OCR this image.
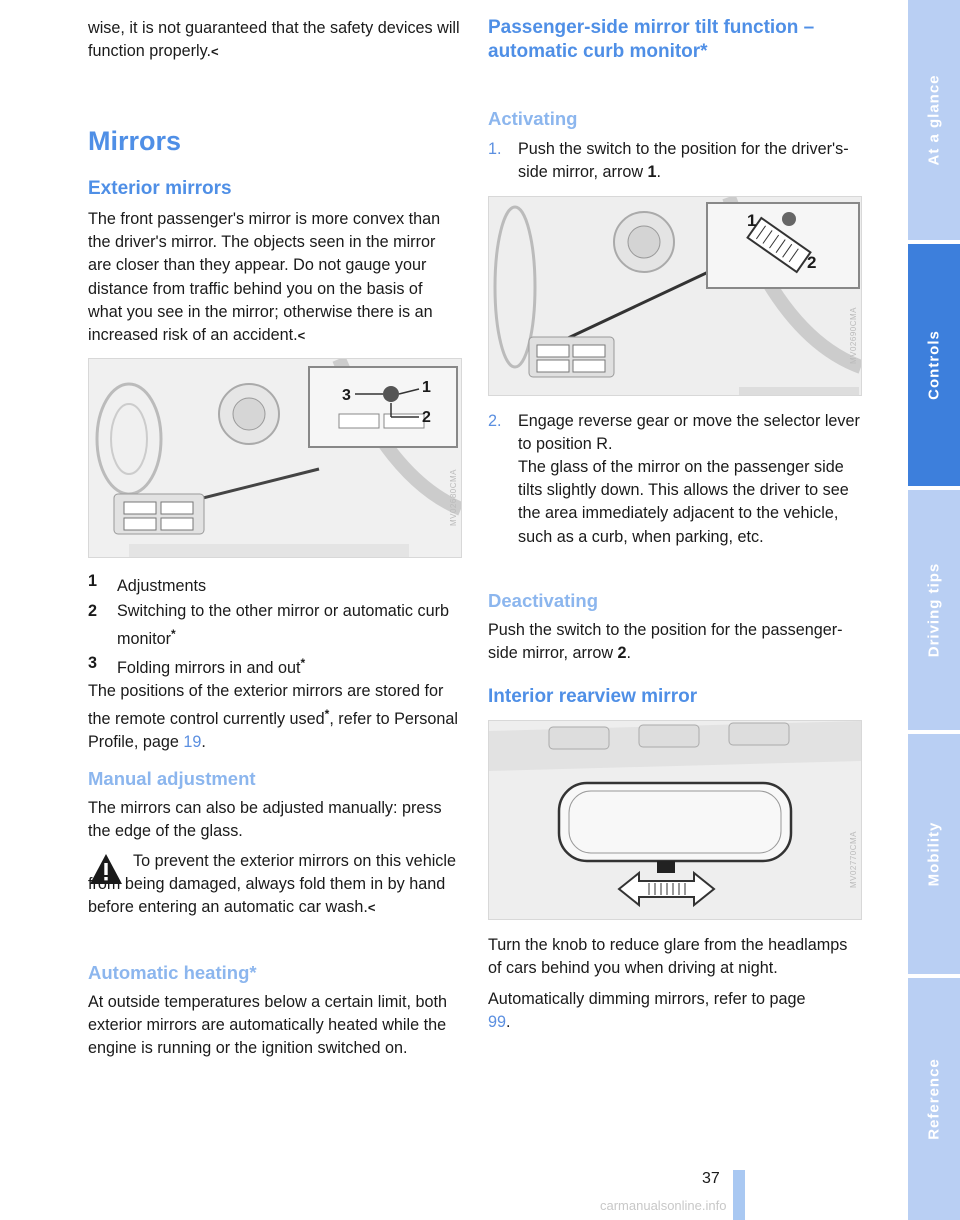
wise, it is not guaranteed that the safety devices will function properly.<

Mirrors
Exterior mirrors

The front passenger's mirror is more convex than the driver's mirror. The objects seen in the mirror are closer than they appear. Do not gauge your distance from traffic behind you on the basis of what you see in the mirror; otherwise there is an increased risk of an accident.<

3	1
2
MV02680CMA

1 Adjustments

2 Switching to the other mirror or automatic curb monitor*

3 Folding mirrors in and out*

The positions of the exterior mirrors are stored for the remote control currently used*, refer to Personal Profile, page 19.

Manual adjustment

The mirrors can also be adjusted manually: press the edge of the glass.

To prevent the exterior mirrors on this vehicle from being damaged, always fold them in by hand before entering an automatic car wash.<

Automatic heating*

At outside temperatures below a certain limit, both exterior mirrors are automatically heated while the engine is running or the ignition switched on.

Passenger-side mirror tilt function – automatic curb monitor*
Activating

1. Push the switch to the position for the driver's-side mirror, arrow 1.

1
2
MV02690CMA

2. Engage reverse gear or move the selector lever to position R.

The glass of the mirror on the passenger side tilts slightly down. This allows the driver to see the area immediately adjacent to the vehicle, such as a curb, when parking, etc.

Deactivating

Push the switch to the position for the passenger-side mirror, arrow 2.

Interior rearview mirror
MV02770CMA

Turn the knob to reduce glare from the headlamps of cars behind you when driving at night.

Automatically dimming mirrors, refer to page 99.

At a glance
Controls
Driving tips
Mobility
Reference
37
carmanualsonline.info
